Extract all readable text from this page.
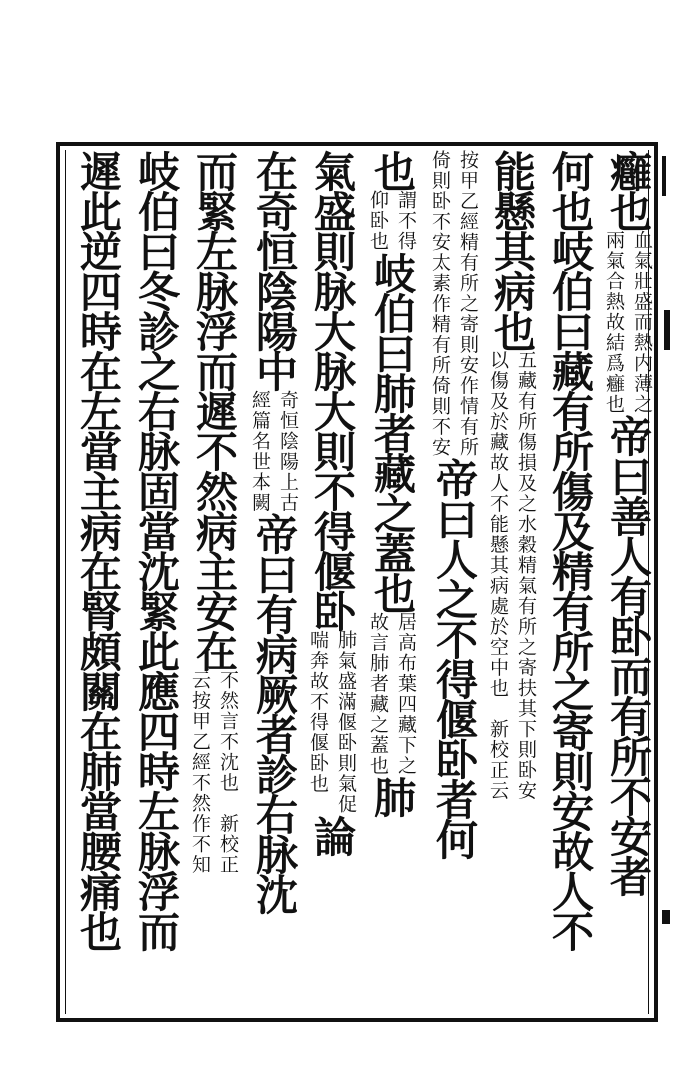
癰也
血氣壯盛而熱内薄之
兩氣合熱故結爲癰也
帝曰善人有卧而有所不安者
何也岐伯曰藏有所傷及精有所之寄則安故人不
能懸其病也
五藏有所傷損及之水穀精氣有所之寄扶其下則卧安
以傷及於藏故人不能懸其病處於空中也　新校正云
按甲乙經精有所之寄則安作情有所
倚則卧不安太素作精有所倚則不安
帝曰人之不得偃卧者何
也
謂不得
仰卧也
岐伯曰肺者藏之蓋也
居高布葉四藏下之
故言肺者藏之蓋也
肺
氣盛則脉大脉大則不得偃卧
肺氣盛滿偃卧則氣促
喘奔故不得偃卧也
論
在奇恒陰陽中
奇恒陰陽上古
經篇名世本闕
帝曰有病厥者診右脉沈
而緊左脉浮而遲不然病主安在
不然言不沈也　新校正
云按甲乙經不然作不知
岐伯曰冬診之右脉固當沈緊此應四時左脉浮而
遲此逆四時在左當主病在腎頗關在肺當腰痛也
